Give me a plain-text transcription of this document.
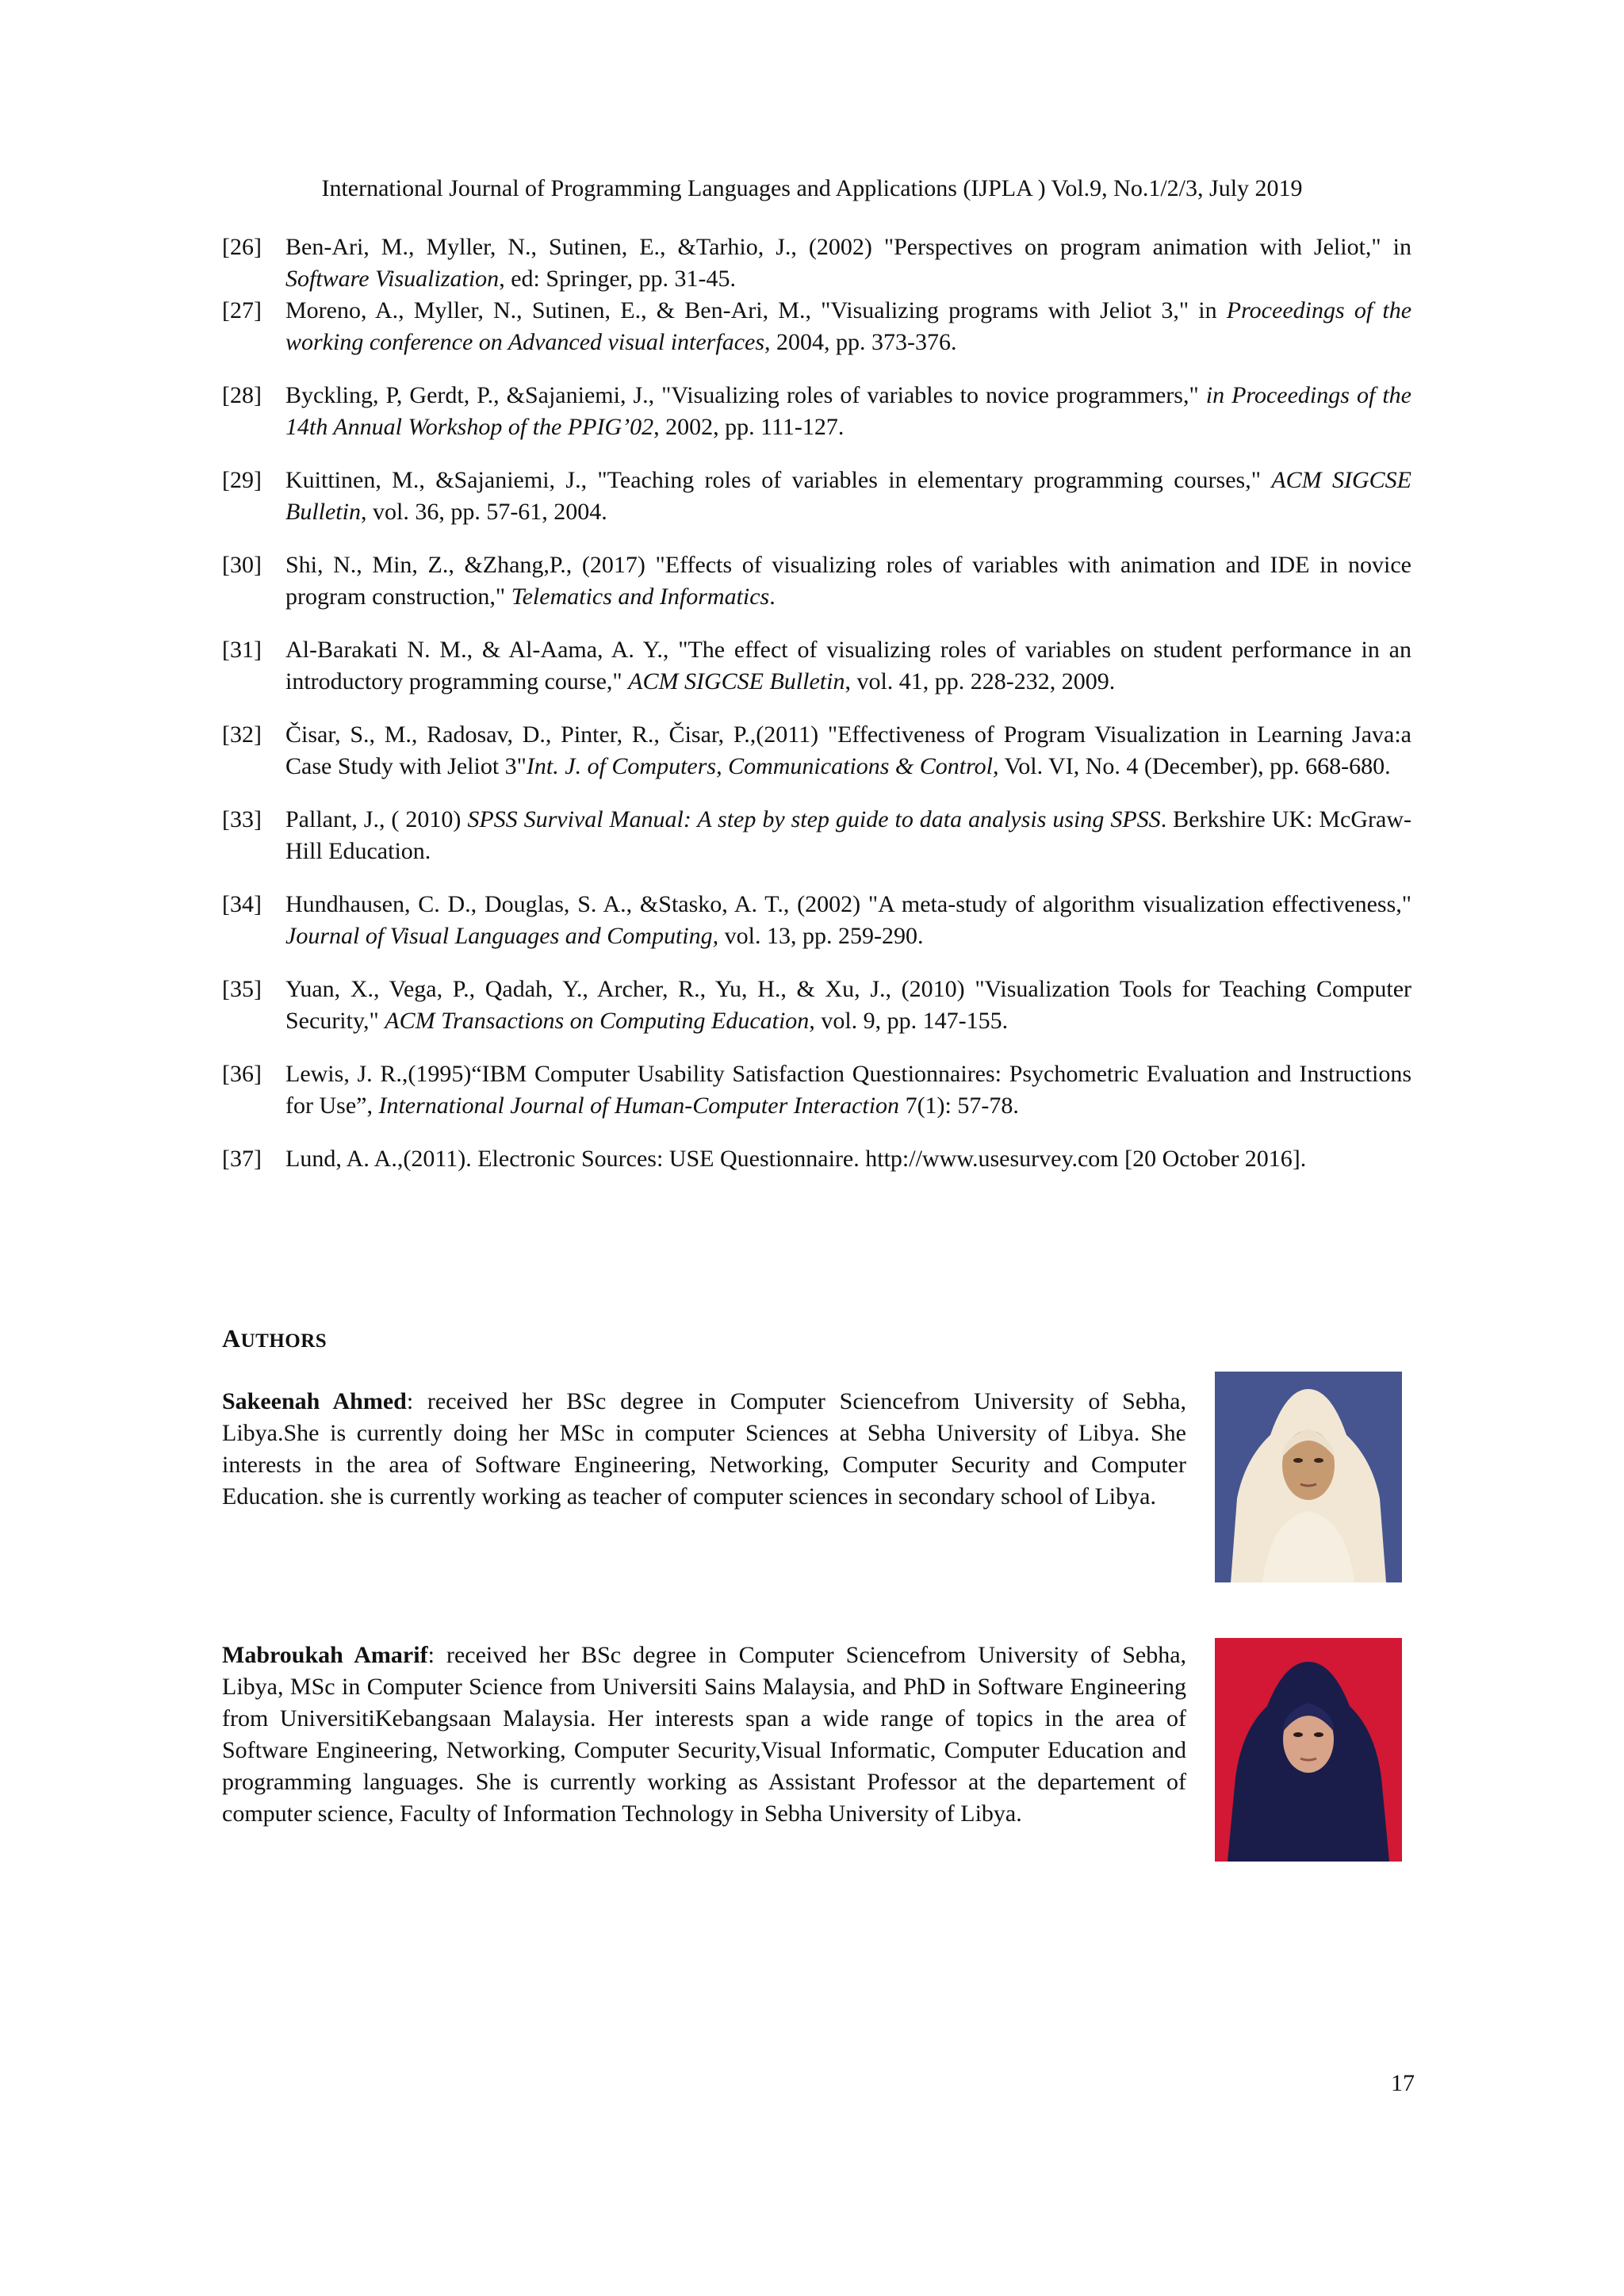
International Journal of Programming Languages and Applications (IJPLA ) Vol.9, No.1/2/3, July 2019
[26] Ben-Ari, M., Myller, N., Sutinen, E., &Tarhio, J., (2002) "Perspectives on program animation with Jeliot," in Software Visualization, ed: Springer, pp. 31-45.
[27] Moreno, A., Myller, N., Sutinen, E., & Ben-Ari, M., "Visualizing programs with Jeliot 3," in Proceedings of the working conference on Advanced visual interfaces, 2004, pp. 373-376.
[28] Byckling, P, Gerdt, P., &Sajaniemi, J., "Visualizing roles of variables to novice programmers," in Proceedings of the 14th Annual Workshop of the PPIG’02, 2002, pp. 111-127.
[29] Kuittinen, M., &Sajaniemi, J., "Teaching roles of variables in elementary programming courses," ACM SIGCSE Bulletin, vol. 36, pp. 57-61, 2004.
[30] Shi, N., Min, Z., &Zhang,P., (2017) "Effects of visualizing roles of variables with animation and IDE in novice program construction," Telematics and Informatics.
[31] Al-Barakati N. M., & Al-Aama, A. Y., "The effect of visualizing roles of variables on student performance in an introductory programming course," ACM SIGCSE Bulletin, vol. 41, pp. 228-232, 2009.
[32] Čisar, S., M., Radosav, D., Pinter, R., Čisar, P.,(2011) "Effectiveness of Program Visualization in Learning Java:a Case Study with Jeliot 3"Int. J. of Computers, Communications & Control, Vol. VI, No. 4 (December), pp. 668-680.
[33] Pallant, J., ( 2010) SPSS Survival Manual: A step by step guide to data analysis using SPSS. Berkshire UK: McGraw-Hill Education.
[34] Hundhausen, C. D., Douglas, S. A., &Stasko, A. T., (2002) "A meta-study of algorithm visualization effectiveness," Journal of Visual Languages and Computing, vol. 13, pp. 259-290.
[35] Yuan, X., Vega, P., Qadah, Y., Archer, R., Yu, H., & Xu, J., (2010) "Visualization Tools for Teaching Computer Security," ACM Transactions on Computing Education, vol. 9, pp. 147-155.
[36] Lewis, J. R.,(1995)“IBM Computer Usability Satisfaction Questionnaires: Psychometric Evaluation and Instructions for Use”, International Journal of Human-Computer Interaction 7(1): 57-78.
[37] Lund, A. A.,(2011). Electronic Sources: USE Questionnaire. http://www.usesurvey.com [20 October 2016].
AUTHORS
Sakeenah Ahmed: received her BSc degree in Computer Sciencefrom University of Sebha, Libya.She is currently doing her MSc in computer Sciences at Sebha University of Libya. She interests in the area of Software Engineering, Networking, Computer Security and Computer Education. she is currently working as teacher of computer sciences in secondary school of Libya.
Mabroukah Amarif: received her BSc degree in Computer Sciencefrom University of Sebha, Libya, MSc in Computer Science from Universiti Sains Malaysia, and PhD in Software Engineering from UniversitiKebangsaan Malaysia. Her interests span a wide range of topics in the area of Software Engineering, Networking, Computer Security,Visual Informatic, Computer Education and programming languages. She is currently working as Assistant Professor at the departement of computer science, Faculty of Information Technology in Sebha University of Libya.
17
